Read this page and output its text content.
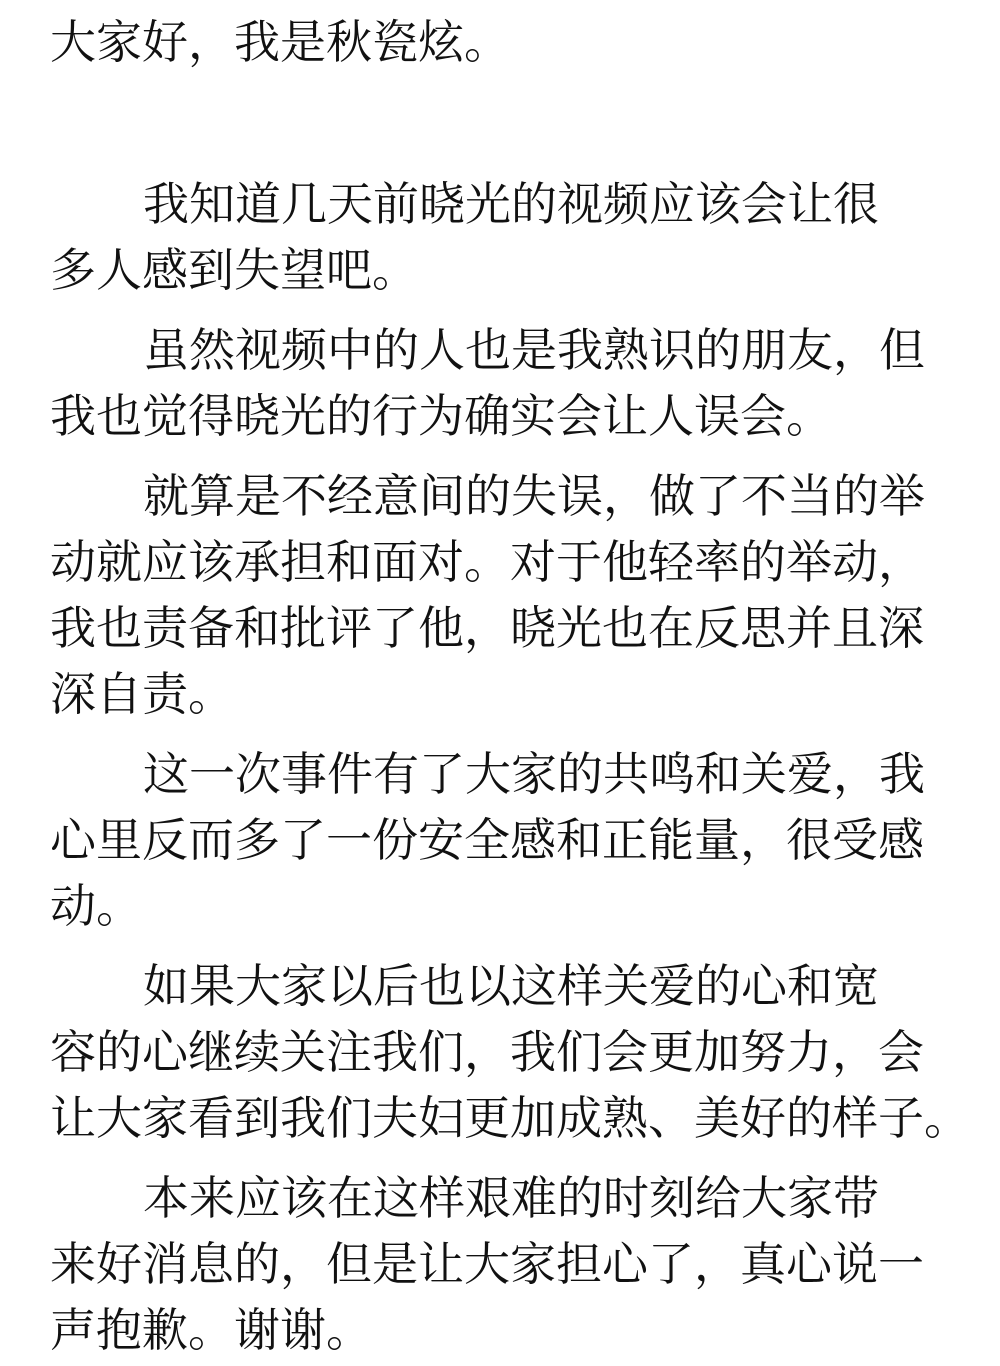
大家好，我是秋瓷炫。
我知道几天前晓光的视频应该会让很
多人感到失望吧。
虽然视频中的人也是我熟识的朋友，但
我也觉得晓光的行为确实会让人误会。
就算是不经意间的失误，做了不当的举
动就应该承担和面对。对于他轻率的举动，
我也责备和批评了他，晓光也在反思并且深
深自责。
这一次事件有了大家的共鸣和关爱，我
心里反而多了一份安全感和正能量，很受感
动。
如果大家以后也以这样关爱的心和宽
容的心继续关注我们，我们会更加努力，会
让大家看到我们夫妇更加成熟、美好的样子。
本来应该在这样艰难的时刻给大家带
来好消息的，但是让大家担心了，真心说一
声抱歉。谢谢。
